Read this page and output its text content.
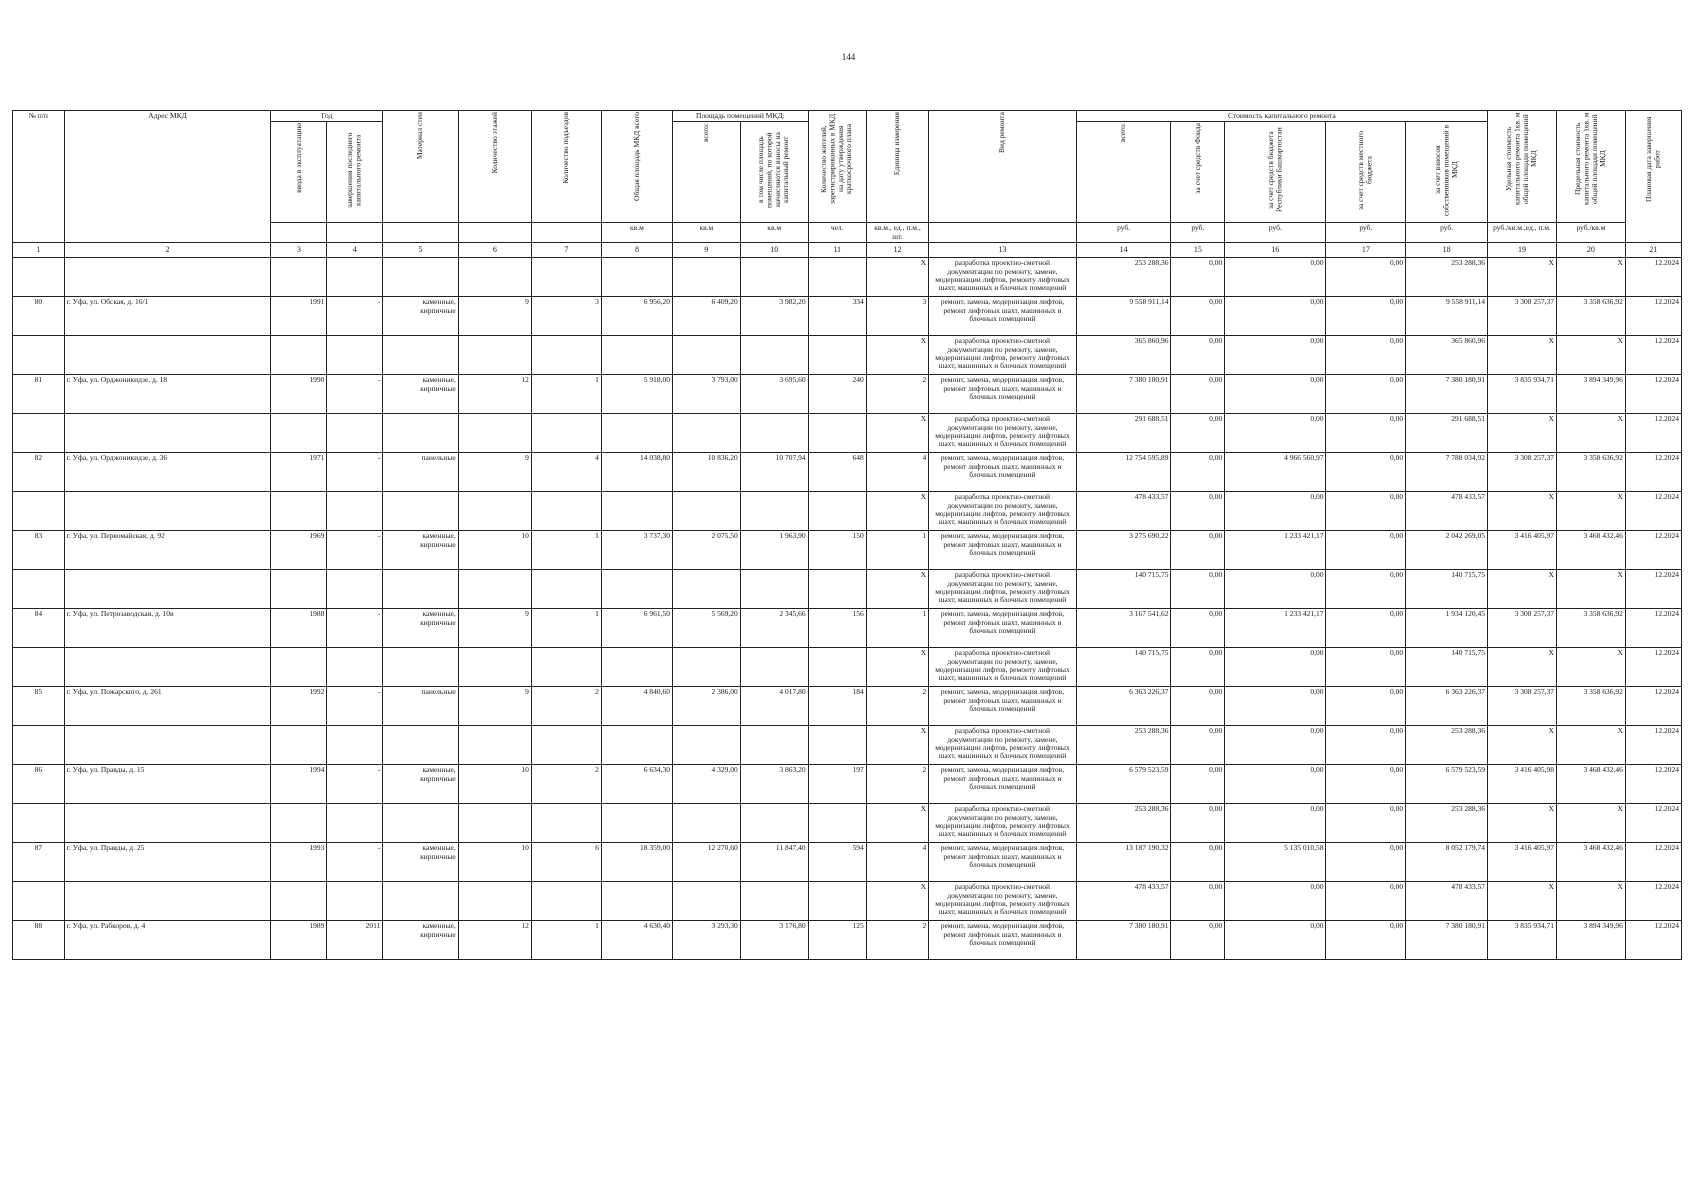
144
№ п/п	Адрес МКД	Год		Материал стен	Количество этажей	Количество подъездов	Общая площадь МКД всего	Площадь помещений МКД:		Количество жителей, зарегистрированных в МКД на дату утверждения краткосрочного плана	Единица измерения	Вид ремонта	Стоимость капитального ремонта					Удельная стоимость капитального ремонта 1кв. м общей площади помещений МКД	Предельная стоимость капитального ремонта 1кв. м общей площади помещений МКД	Плановая дата завершения работ
		ввода в эксплуатацию	завершения последнего капитального ремонта					всего:	в том числе площадь помещений, по которой начисляются взносы на капитальный ремонт				всего:	за счет средств Фонда	за счет средств бюджета Республики Башкортостан	за счет средств местного бюджета	за счет взносов собственников помещений в МКД			
							кв.м	кв.м	кв.м	чел.	кв.м., ед., п.м., шт.		руб.	руб.	руб.	руб.	руб.	руб./кв.м.,ед., п.м.	руб./кв.м	
1	2	3	4	5	6	7	8	9	10	11	12	13	14	15	16	17	18	19	20	21
											X	разработка проектно-сметной документации по ремонту, замене, модернизации лифтов, ремонту лифтовых шахт, машинных и блочных помещений	253 288,36	0,00	0,00	0,00	253 288,36	X	X	12.2024
80	г. Уфа, ул. Обская, д. 16/1	1991	-	каменные, кирпичные	9	3	6 956,20	6 409,20	3 982,20	334	3	ремонт, замена, модернизация лифтов, ремонт лифтовых шахт, машинных и блочных помещений	9 558 911,14	0,00	0,00	0,00	9 558 911,14	3 308 257,37	3 358 636,92	12.2024
											X	разработка проектно-сметной документации по ремонту, замене, модернизации лифтов, ремонту лифтовых шахт, машинных и блочных помещений	365 860,96	0,00	0,00	0,00	365 860,96	X	X	12.2024
81	г. Уфа, ул. Орджоникидзе, д. 18	1990	-	каменные, кирпичные	12	1	5 918,00	3 793,00	3 695,60	240	2	ремонт, замена, модернизация лифтов, ремонт лифтовых шахт, машинных и блочных помещений	7 380 180,91	0,00	0,00	0,00	7 380 180,91	3 835 934,71	3 894 349,96	12.2024
											X	разработка проектно-сметной документации по ремонту, замене, модернизации лифтов, ремонту лифтовых шахт, машинных и блочных помещений	291 688,51	0,00	0,00	0,00	291 688,51	X	X	12.2024
82	г. Уфа, ул. Орджоникидзе, д. 36	1971	-	панельные	9	4	14 038,80	10 836,20	10 707,94	648	4	ремонт, замена, модернизация лифтов, ремонт лифтовых шахт, машинных и блочных помещений	12 754 595,89	0,00	4 966 560,97	0,00	7 788 034,92	3 308 257,37	3 358 636,92	12.2024
											X	разработка проектно-сметной документации по ремонту, замене, модернизации лифтов, ремонту лифтовых шахт, машинных и блочных помещений	478 433,57	0,00	0,00	0,00	478 433,57	X	X	12.2024
83	г. Уфа, ул. Первомайская, д. 92	1969	-	каменные, кирпичные	10	1	3 737,30	2 075,50	1 963,90	150	1	ремонт, замена, модернизация лифтов, ремонт лифтовых шахт, машинных и блочных помещений	3 275 690,22	0,00	1 233 421,17	0,00	2 042 269,05	3 416 405,97	3 468 432,46	12.2024
											X	разработка проектно-сметной документации по ремонту, замене, модернизации лифтов, ремонту лифтовых шахт, машинных и блочных помещений	140 715,75	0,00	0,00	0,00	140 715,75	X	X	12.2024
84	г. Уфа, ул. Петрозаводская, д. 10в	1988	-	каменные, кирпичные	9	1	6 961,50	5 569,20	2 345,66	156	1	ремонт, замена, модернизация лифтов, ремонт лифтовых шахт, машинных и блочных помещений	3 167 541,62	0,00	1 233 421,17	0,00	1 934 120,45	3 308 257,37	3 358 636,92	12.2024
											X	разработка проектно-сметной документации по ремонту, замене, модернизации лифтов, ремонту лифтовых шахт, машинных и блочных помещений	140 715,75	0,00	0,00	0,00	140 715,75	X	X	12.2024
85	г. Уфа, ул. Пожарского, д. 261	1992	-	панельные	9	2	4 840,60	2 386,00	4 017,80	184	2	ремонт, замена, модернизация лифтов, ремонт лифтовых шахт, машинных и блочных помещений	6 363 226,37	0,00	0,00	0,00	6 363 226,37	3 308 257,37	3 358 636,92	12.2024
											X	разработка проектно-сметной документации по ремонту, замене, модернизации лифтов, ремонту лифтовых шахт, машинных и блочных помещений	253 288,36	0,00	0,00	0,00	253 288,36	X	X	12.2024
86	г. Уфа, ул. Правды, д. 15	1994	-	каменные, кирпичные	10	2	6 634,30	4 329,00	3 863,20	197	2	ремонт, замена, модернизация лифтов, ремонт лифтовых шахт, машинных и блочных помещений	6 579 523,59	0,00	0,00	0,00	6 579 523,59	3 416 405,98	3 468 432,46	12.2024
											X	разработка проектно-сметной документации по ремонту, замене, модернизации лифтов, ремонту лифтовых шахт, машинных и блочных помещений	253 288,36	0,00	0,00	0,00	253 288,36	X	X	12.2024
87	г. Уфа, ул. Правды, д. 25	1993	-	каменные, кирпичные	10	6	18 359,00	12 270,60	11 847,40	594	4	ремонт, замена, модернизация лифтов, ремонт лифтовых шахт, машинных и блочных помещений	13 187 190,32	0,00	5 135 010,58	0,00	8 052 179,74	3 416 405,97	3 468 432,46	12.2024
											X	разработка проектно-сметной документации по ремонту, замене, модернизации лифтов, ремонту лифтовых шахт, машинных и блочных помещений	478 433,57	0,00	0,00	0,00	478 433,57	X	X	12.2024
88	г. Уфа, ул. Рабкоров, д. 4	1989	2011	каменные, кирпичные	12	1	4 630,40	3 293,30	3 176,80	125	2	ремонт, замена, модернизация лифтов, ремонт лифтовых шахт, машинных и блочных помещений	7 380 180,91	0,00	0,00	0,00	7 380 180,91	3 835 934,71	3 894 349,96	12.2024
